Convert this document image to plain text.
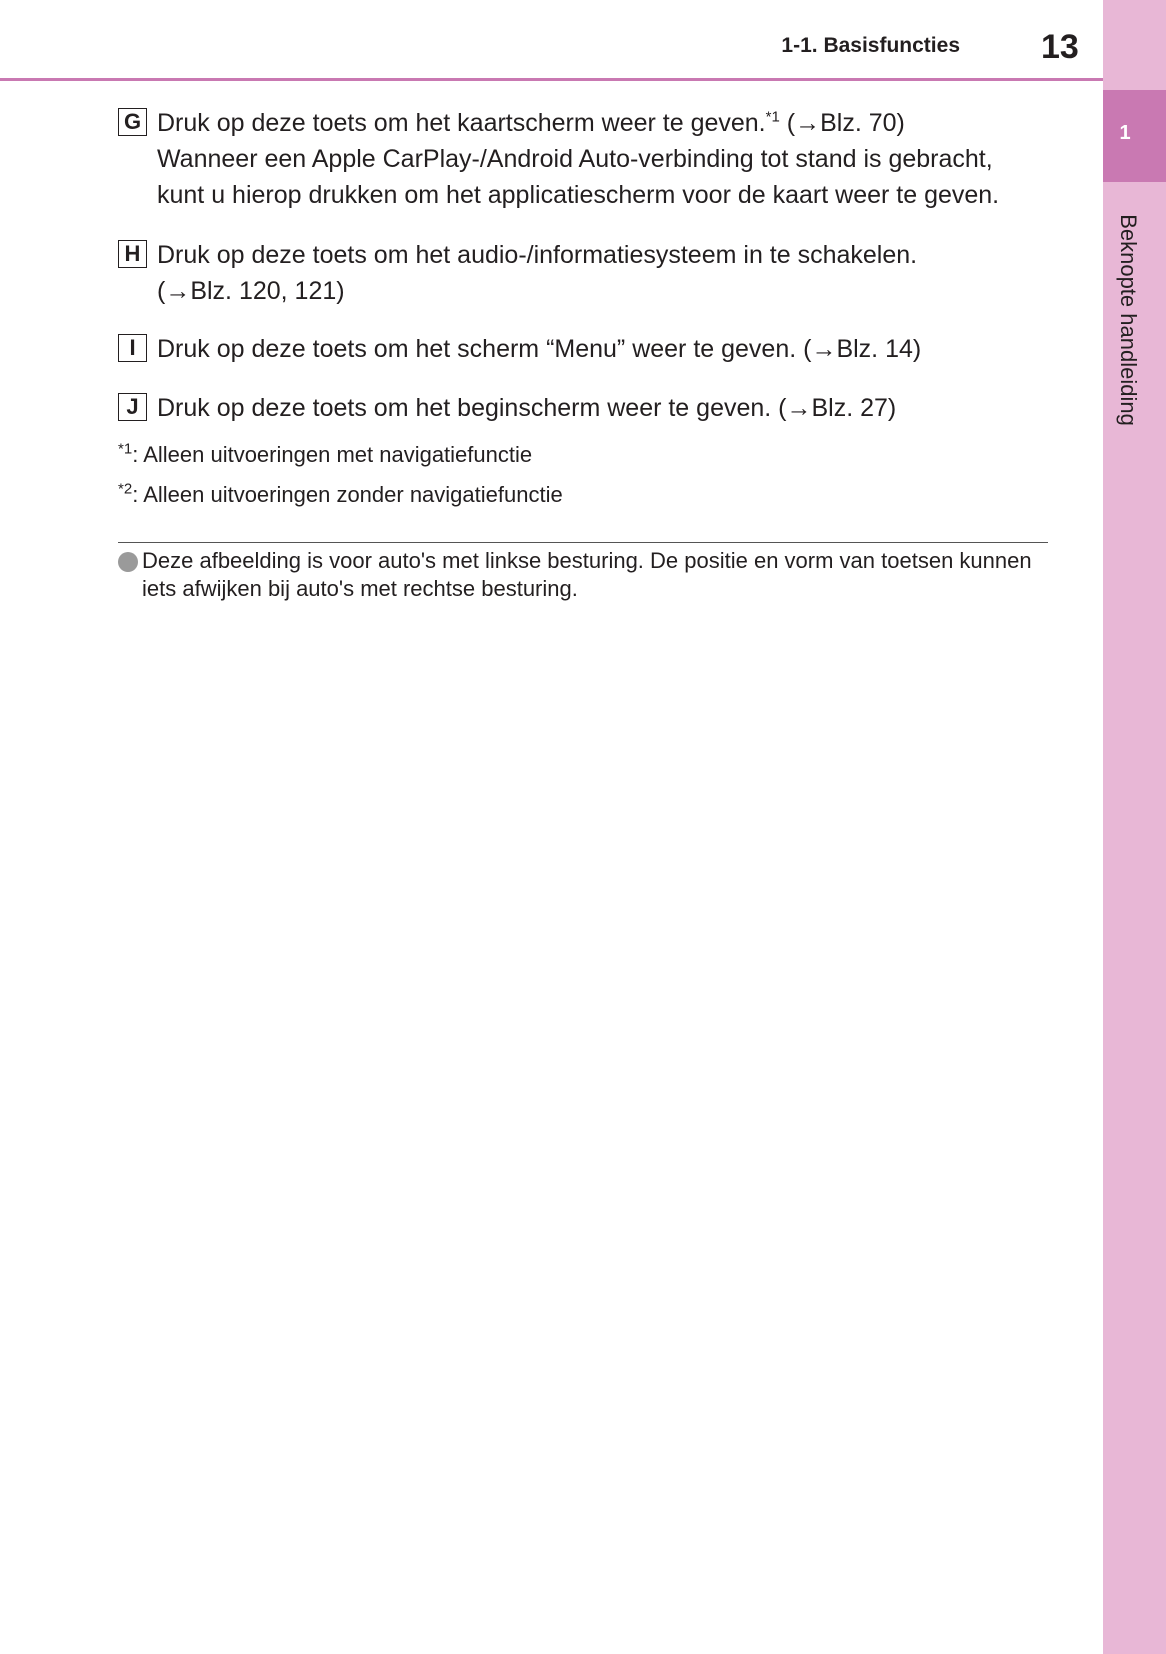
1
Beknopte handleiding
1-1. Basisfuncties 13
G Druk op deze toets om het kaartscherm weer te geven.$^{*1}$ (→Blz. 70)
Wanneer een Apple CarPlay-/Android Auto-verbinding tot stand is gebracht,
kunt u hierop drukken om het applicatiescherm voor de kaart weer te geven.
H Druk op deze toets om het audio-/informatiesysteem in te schakelen.
(→Blz. 120, 121)
I Druk op deze toets om het scherm “Menu” weer te geven. (→Blz. 14)
J Druk op deze toets om het beginscherm weer te geven. (→Blz. 27)
$^{*1}$: Alleen uitvoeringen met navigatiefunctie
$^{*2}$: Alleen uitvoeringen zonder navigatiefunctie
Deze afbeelding is voor auto's met linkse besturing. De positie en vorm van toetsen kunnen iets afwijken bij auto's met rechtse besturing.
